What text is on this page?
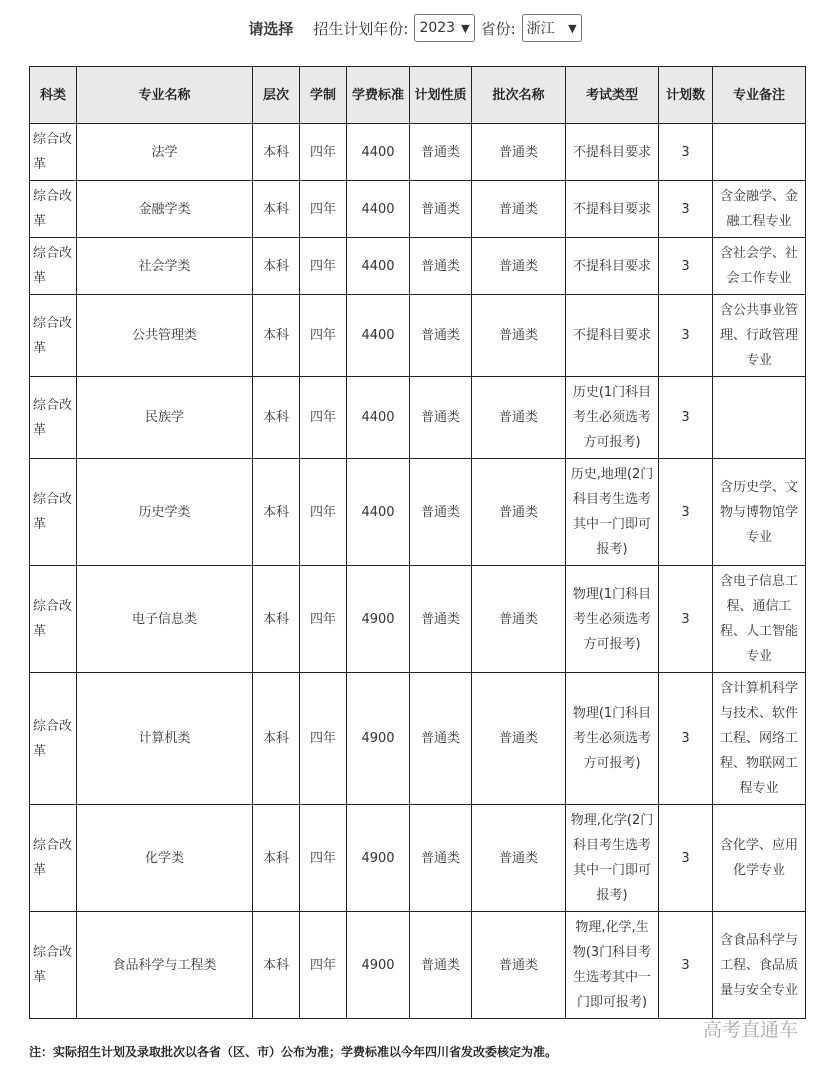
请选择 招生计划年份: 2023 ▼ 省份: 浙江 ▼
科类	专业名称	层次	学制	学费标准	计划性质	批次名称	考试类型	计划数	专业备注
综合改革	法学	本科	四年	4400	普通类	普通类	不提科目要求	3	
综合改革	金融学类	本科	四年	4400	普通类	普通类	不提科目要求	3	含金融学、金融工程专业
综合改革	社会学类	本科	四年	4400	普通类	普通类	不提科目要求	3	含社会学、社会工作专业
综合改革	公共管理类	本科	四年	4400	普通类	普通类	不提科目要求	3	含公共事业管理、行政管理专业
综合改革	民族学	本科	四年	4400	普通类	普通类	历史(1门科目考生必须选考方可报考)	3	
综合改革	历史学类	本科	四年	4400	普通类	普通类	历史,地理(2门科目考生选考其中一门即可报考)	3	含历史学、文物与博物馆学专业
综合改革	电子信息类	本科	四年	4900	普通类	普通类	物理(1门科目考生必须选考方可报考)	3	含电子信息工程、通信工程、人工智能专业
综合改革	计算机类	本科	四年	4900	普通类	普通类	物理(1门科目考生必须选考方可报考)	3	含计算机科学与技术、软件工程、网络工程、物联网工程专业
综合改革	化学类	本科	四年	4900	普通类	普通类	物理,化学(2门科目考生选考其中一门即可报考)	3	含化学、应用化学专业
综合改革	食品科学与工程类	本科	四年	4900	普通类	普通类	物理,化学,生物(3门科目考生选考其中一门即可报考)	3	含食品科学与工程、食品质量与安全专业
高考直通车
注：实际招生计划及录取批次以各省（区、市）公布为准；学费标准以今年四川省发改委核定为准。
